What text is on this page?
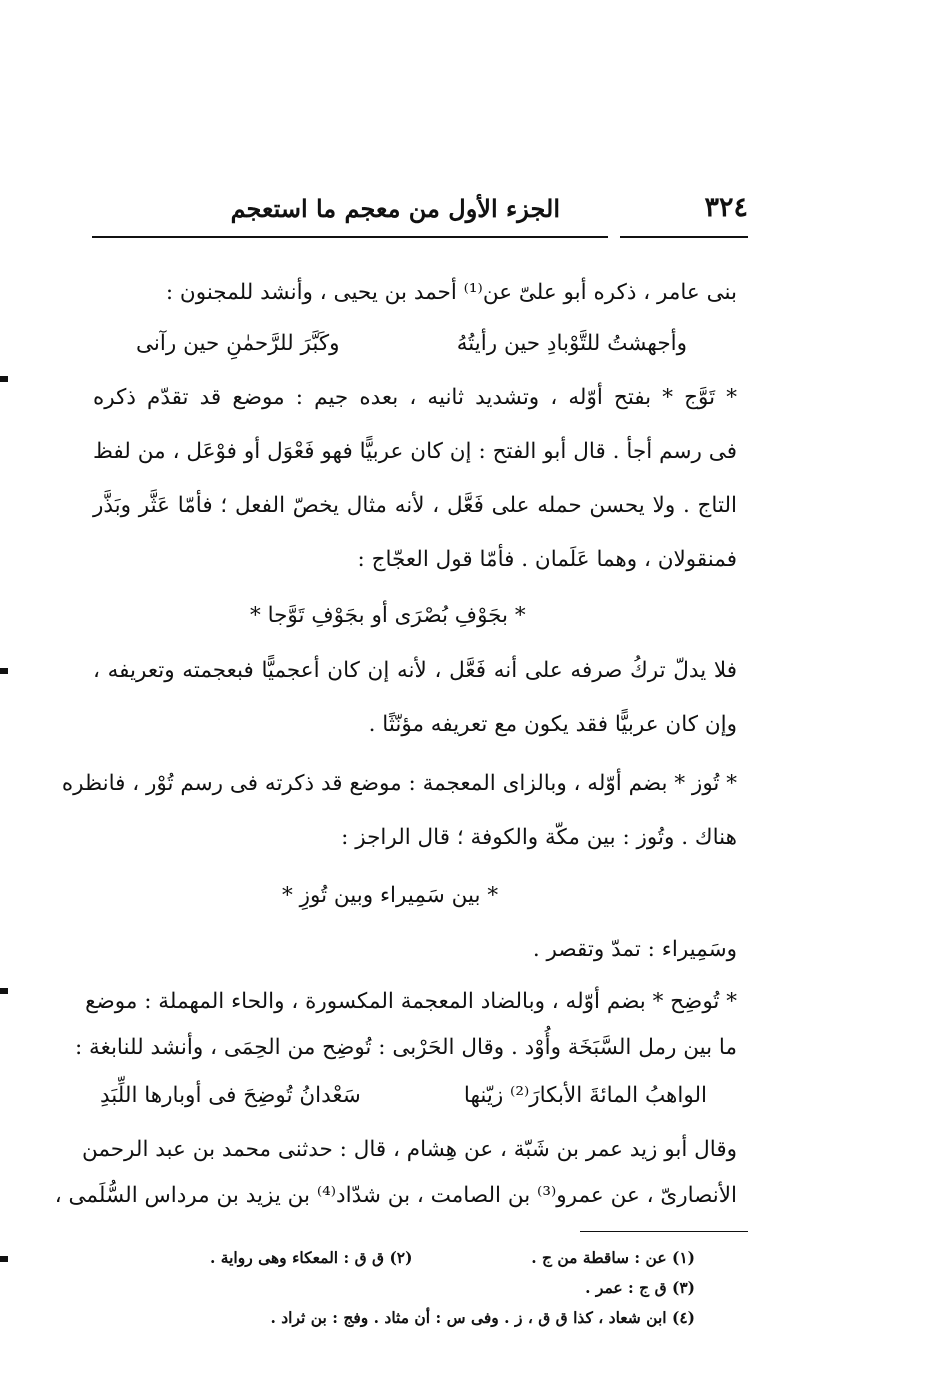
٣٢٤
الجزء الأول من معجم ما استعجم
بنى عامر ، ذكره أبو علىّ عن⁽¹⁾ أحمد بن يحيى ، وأنشد للمجنون :
وأجهشتُ للتَّوْبادِ حين رأيتُهُ
وكَبَّرَ للرَّحمٰنِ حين رآنى
* تَوَّج * بفتح أوّله ، وتشديد ثانيه ، بعده جيم : موضع قد تقدّم ذكره
فى رسم أجأ . قال أبو الفتح : إن كان عربيًّا فهو فَعْوَل أو فوْعَل ، من لفظ
التاج . ولا يحسن حمله على فَعَّل ، لأنه مثال يخصّ الفعل ؛ فأمّا عَثَّر وبَذَّر
فمنقولان ، وهما عَلَمان . فأمّا قول العجّاج :
* بجَوْفِ بُصْرَى أو بجَوْفِ تَوَّجا *
فلا يدلّ تركُ صرفه على أنه فَعَّل ، لأنه إن كان أعجميًّا فبعجمته وتعريفه ،
وإن كان عربيًّا فقد يكون مع تعريفه مؤنّثًا .
* تُوز * بضم أوّله ، وبالزاى المعجمة : موضع قد ذكرته فى رسم تُوْر ، فانظره
هناك . وتُوز : بين مكّة والكوفة ؛ قال الراجز :
* بين سَمِيراء وبين تُوزِ *
وسَمِيراء : تمدّ وتقصر .
* تُوضِح * بضم أوّله ، وبالضاد المعجمة المكسورة ، والحاء المهملة : موضع
ما بين رمل السَّبَخَة وأُوْد . وقال الحَرْبى : تُوضِح من الحِمَى ، وأنشد للنابغة :
الواهبُ المائةَ الأبكارَ⁽²⁾ زيّنها
سَعْدانُ تُوضِحَ فى أوبارها اللِّبَدِ
وقال أبو زيد عمر بن شَبّة ، عن هِشام ، قال : حدثنى محمد بن عبد الرحمن
الأنصارىّ ، عن عمرو⁽³⁾ بن الصامت ، بن شدّاد⁽⁴⁾ بن يزيد بن مرداس السُّلَمى ،
(١) عن : ساقطة من ج .
(٢) ق ق : المعكاء وهى رواية .
(٣) ق ج : عمر .
(٤) ابن شعاد ، كذا ق ق ، ز . وفى س : أن مثاد . وفج : بن ثراد .
